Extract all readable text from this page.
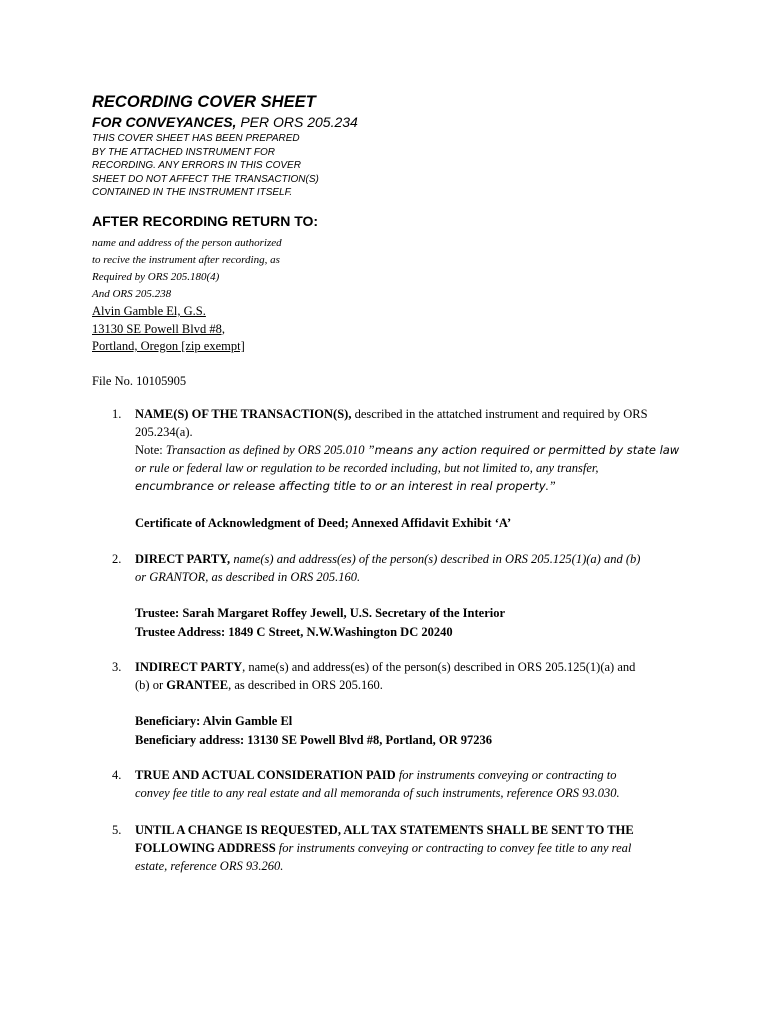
RECORDING COVER SHEET
FOR CONVEYANCES, PER ORS 205.234
THIS COVER SHEET HAS BEEN PREPARED
BY THE ATTACHED INSTRUMENT FOR
RECORDING. ANY ERRORS IN THIS COVER
SHEET DO NOT AFFECT THE TRANSACTION(S)
CONTAINED IN THE INSTRUMENT ITSELF.
AFTER RECORDING RETURN TO:
name and address of the person authorized
to recive the instrument after recording, as
Required by ORS 205.180(4)
And ORS 205.238
Alvin Gamble El, G.S.
13130 SE Powell Blvd #8,
Portland, Oregon [zip exempt]
File No. 10105905
1. NAME(S) OF THE TRANSACTION(S), described in the attatched instrument and required by ORS
205.234(a).
Note: Transaction as defined by ORS 205.010 ”means any action required or permitted by state law
or rule or federal law or regulation to be recorded including, but not limited to, any transfer,
encumbrance or release affecting title to or an interest in real property.”
Certificate of Acknowledgment of Deed; Annexed Affidavit Exhibit ‘A’
2. DIRECT PARTY, name(s) and address(es) of the person(s) described in ORS 205.125(1)(a) and (b)
or GRANTOR, as described in ORS 205.160.
Trustee: Sarah Margaret Roffey Jewell, U.S. Secretary of the Interior
Trustee Address: 1849 C Street, N.W.Washington DC 20240
3. INDIRECT PARTY, name(s) and address(es) of the person(s) described in ORS 205.125(1)(a) and
(b) or GRANTEE, as described in ORS 205.160.
Beneficiary: Alvin Gamble El
Beneficiary address: 13130 SE Powell Blvd #8, Portland, OR 97236
4. TRUE AND ACTUAL CONSIDERATION PAID for instruments conveying or contracting to
convey fee title to any real estate and all memoranda of such instruments, reference ORS 93.030.
5. UNTIL A CHANGE IS REQUESTED, ALL TAX STATEMENTS SHALL BE SENT TO THE
FOLLOWING ADDRESS for instruments conveying or contracting to convey fee title to any real
estate, reference ORS 93.260.
